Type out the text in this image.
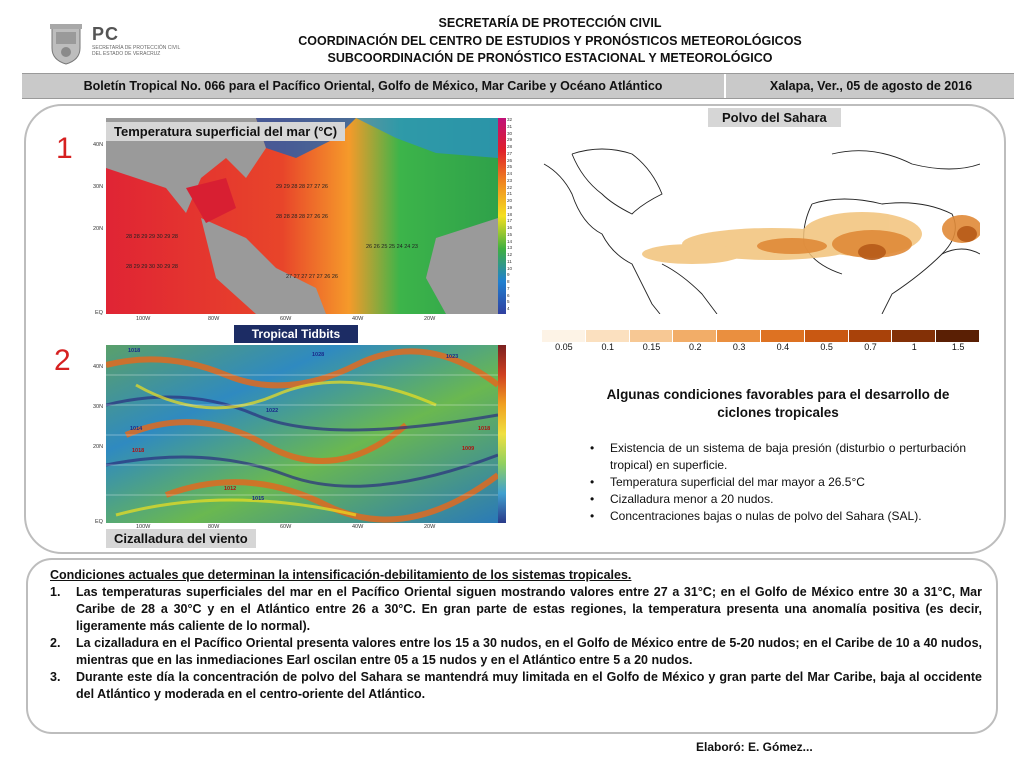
PC
SECRETARÍA DE PROTECCIÓN CIVIL DEL ESTADO DE VERACRUZ
SECRETARÍA DE PROTECCIÓN CIVIL
COORDINACIÓN DEL CENTRO DE ESTUDIOS Y PRONÓSTICOS METEOROLÓGICOS
SUBCOORDINACIÓN DE PRONÓSTICO ESTACIONAL Y METEOROLÓGICO
Boletín Tropical No. 066 para el Pacífico Oriental, Golfo de México, Mar Caribe y Océano Atlántico	Xalapa, Ver., 05 de agosto de 2016
1
2
28 28 29 29 30 29 28
28 29 29 30 30 29 28
29 29 28 28 27 27 26
28 28 28 28 27 26 26
26 26 25 25 24 24 23
27 27 27 27 27 26 26
Temperatura superficial del mar (°C)
40N
30N
20N
EQ
100W	80W	60W	40W	20W
32
31
30
29
28
27
26
25
24
23
22
21
20
19
18
17
16
15
14
13
12
11
10
9
8
7
6
5
4
Tropical Tidbits
Cizalladura del viento
40N
30N
20N
EQ
100W	80W	60W	40W	20W
1018
1028	1023
1014
1018
1022
1018
1009
1012
1015
Polvo del Sahara
0.05	0.1	0.15	0.2	0.3	0.4	0.5	0.7	1	1.5
Algunas condiciones favorables para el desarrollo de ciclones tropicales
• Existencia de un sistema de baja presión (disturbio o perturbación tropical) en superficie.
• Temperatura superficial del mar mayor a 26.5°C
• Cizalladura menor a 20 nudos.
• Concentraciones bajas o nulas de polvo del Sahara (SAL).
Condiciones actuales que determinan la intensificación-debilitamiento de los sistemas tropicales.
1. Las temperaturas superficiales del mar en el Pacífico Oriental siguen mostrando valores entre 27 a 31°C; en el Golfo de México entre 30 a 31°C, Mar Caribe de 28 a 30°C y en el Atlántico entre 26 a 30°C. En gran parte de estas regiones, la temperatura presenta una anomalía positiva (es decir, ligeramente más caliente de lo normal).
2. La cizalladura en el Pacífico Oriental presenta valores entre los 15 a 30 nudos, en el Golfo de México entre de 5-20 nudos; en el Caribe de 10 a 40 nudos, mientras que en las inmediaciones Earl oscilan entre 05 a 15 nudos y en el Atlántico entre 5 a 20 nudos.
3. Durante este día la concentración de polvo del Sahara se mantendrá muy limitada en el Golfo de México y gran parte del Mar Caribe, baja al occidente del Atlántico y moderada en el centro-oriente del Atlántico.
Elaboró: E. Gómez...
